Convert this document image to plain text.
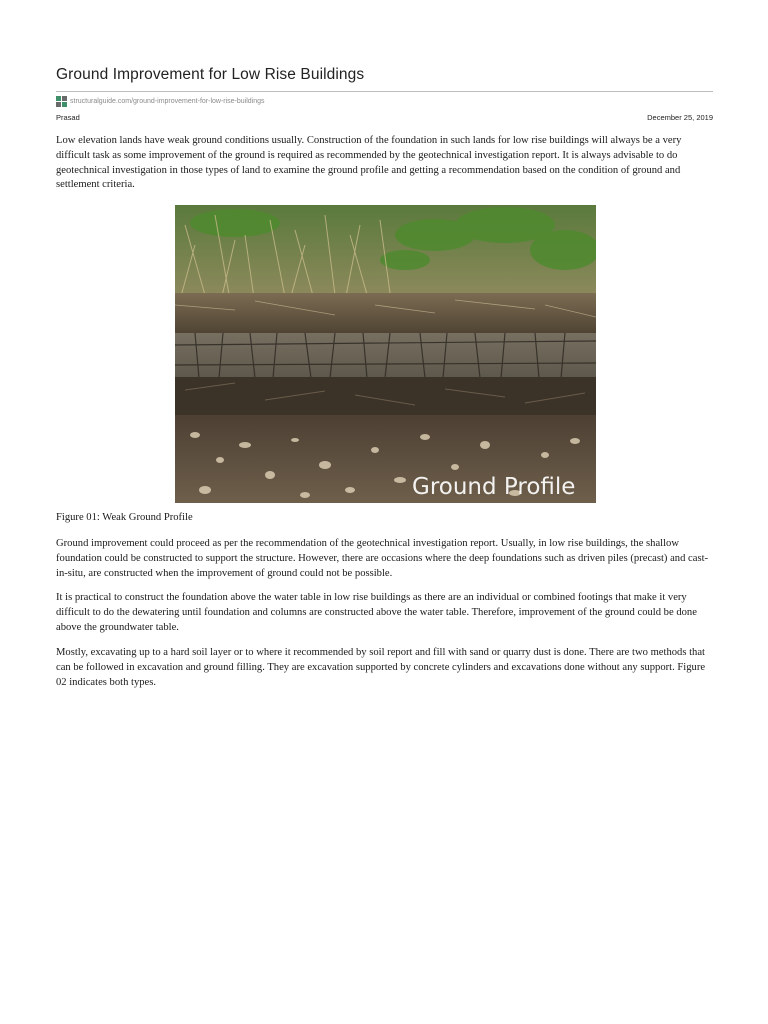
Ground Improvement for Low Rise Buildings
structuralguide.com/ground-improvement-for-low-rise-buildings
Prasad	December 25, 2019

Low elevation lands have weak ground conditions usually. Construction of the foundation in such lands for low rise buildings will always be a very difficult task as some improvement of the ground is required as recommended by the geotechnical investigation report. It is always advisable to do geotechnical investigation in those types of land to examine the ground profile and getting a recommendation based on the condition of ground and settlement criteria.

Ground Profile

Figure 01: Weak Ground Profile

Ground improvement could proceed as per the recommendation of the geotechnical investigation report. Usually, in low rise buildings, the shallow foundation could be constructed to support the structure. However, there are occasions where the deep foundations such as driven piles (precast) and cast-in-situ, are constructed when the improvement of ground could not be possible.

It is practical to construct the foundation above the water table in low rise buildings as there are an individual or combined footings that make it very difficult to do the dewatering until foundation and columns are constructed above the water table. Therefore, improvement of the ground could be done above the groundwater table.

Mostly, excavating up to a hard soil layer or to where it recommended by soil report and fill with sand or quarry dust is done. There are two methods that can be followed in excavation and ground filling. They are excavation supported by concrete cylinders and excavations done without any support. Figure 02 indicates both types.
